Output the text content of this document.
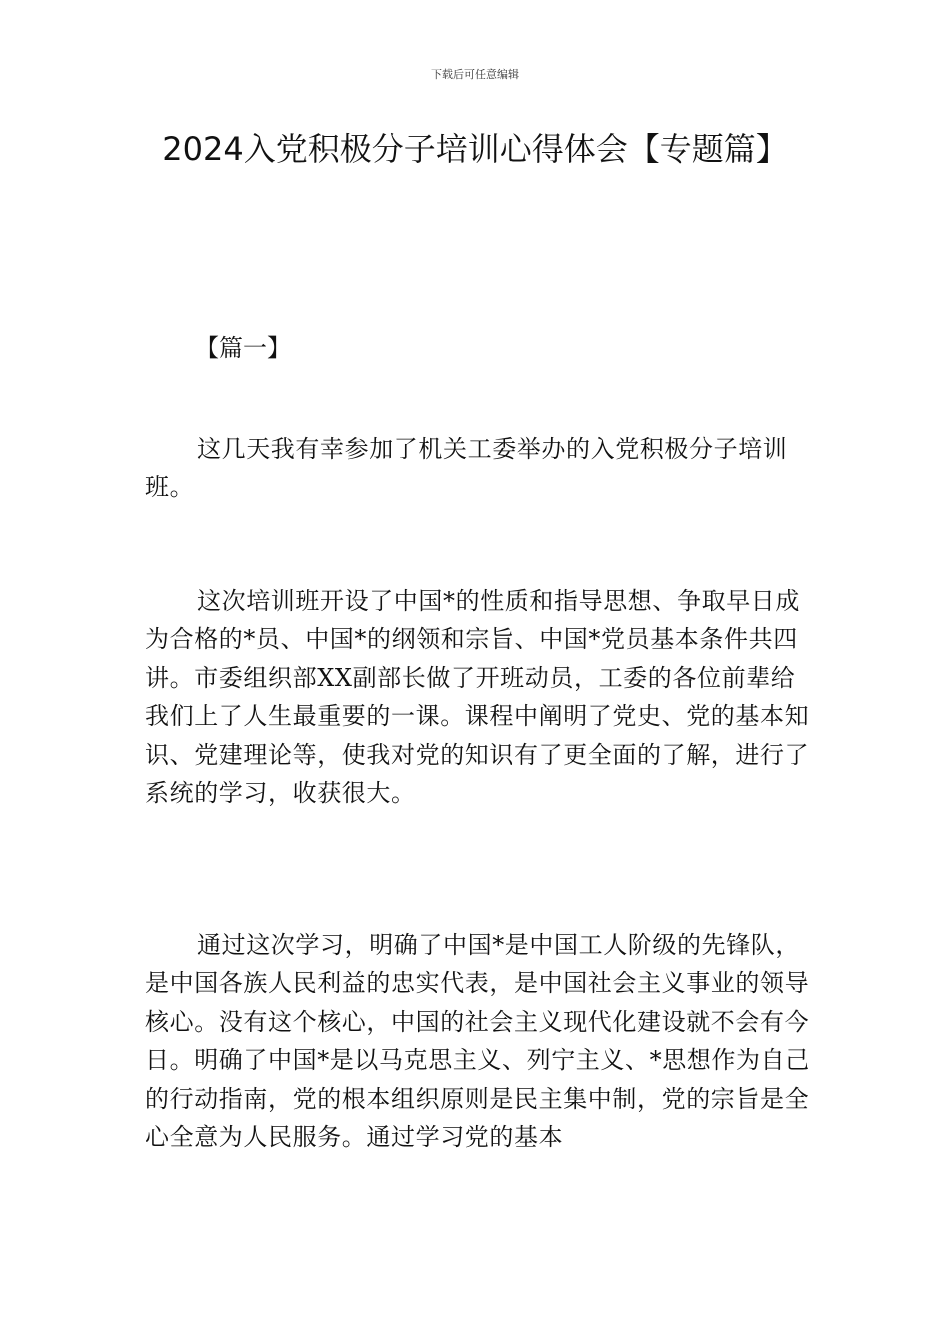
下载后可任意编辑
2024入党积极分子培训心得体会【专题篇】
【篇一】

这几天我有幸参加了机关工委举办的入党积极分子培训班。

这次培训班开设了中国*的性质和指导思想、争取早日成为合格的*员、中国*的纲领和宗旨、中国*党员基本条件共四讲。市委组织部XX副部长做了开班动员，工委的各位前辈给我们上了人生最重要的一课。课程中阐明了党史、党的基本知识、党建理论等，使我对党的知识有了更全面的了解，进行了系统的学习，收获很大。

通过这次学习，明确了中国*是中国工人阶级的先锋队，是中国各族人民利益的忠实代表，是中国社会主义事业的领导核心。没有这个核心，中国的社会主义现代化建设就不会有今日。明确了中国*是以马克思主义、列宁主义、*思想作为自己的行动指南，党的根本组织原则是民主集中制，党的宗旨是全心全意为人民服务。通过学习党的基本
